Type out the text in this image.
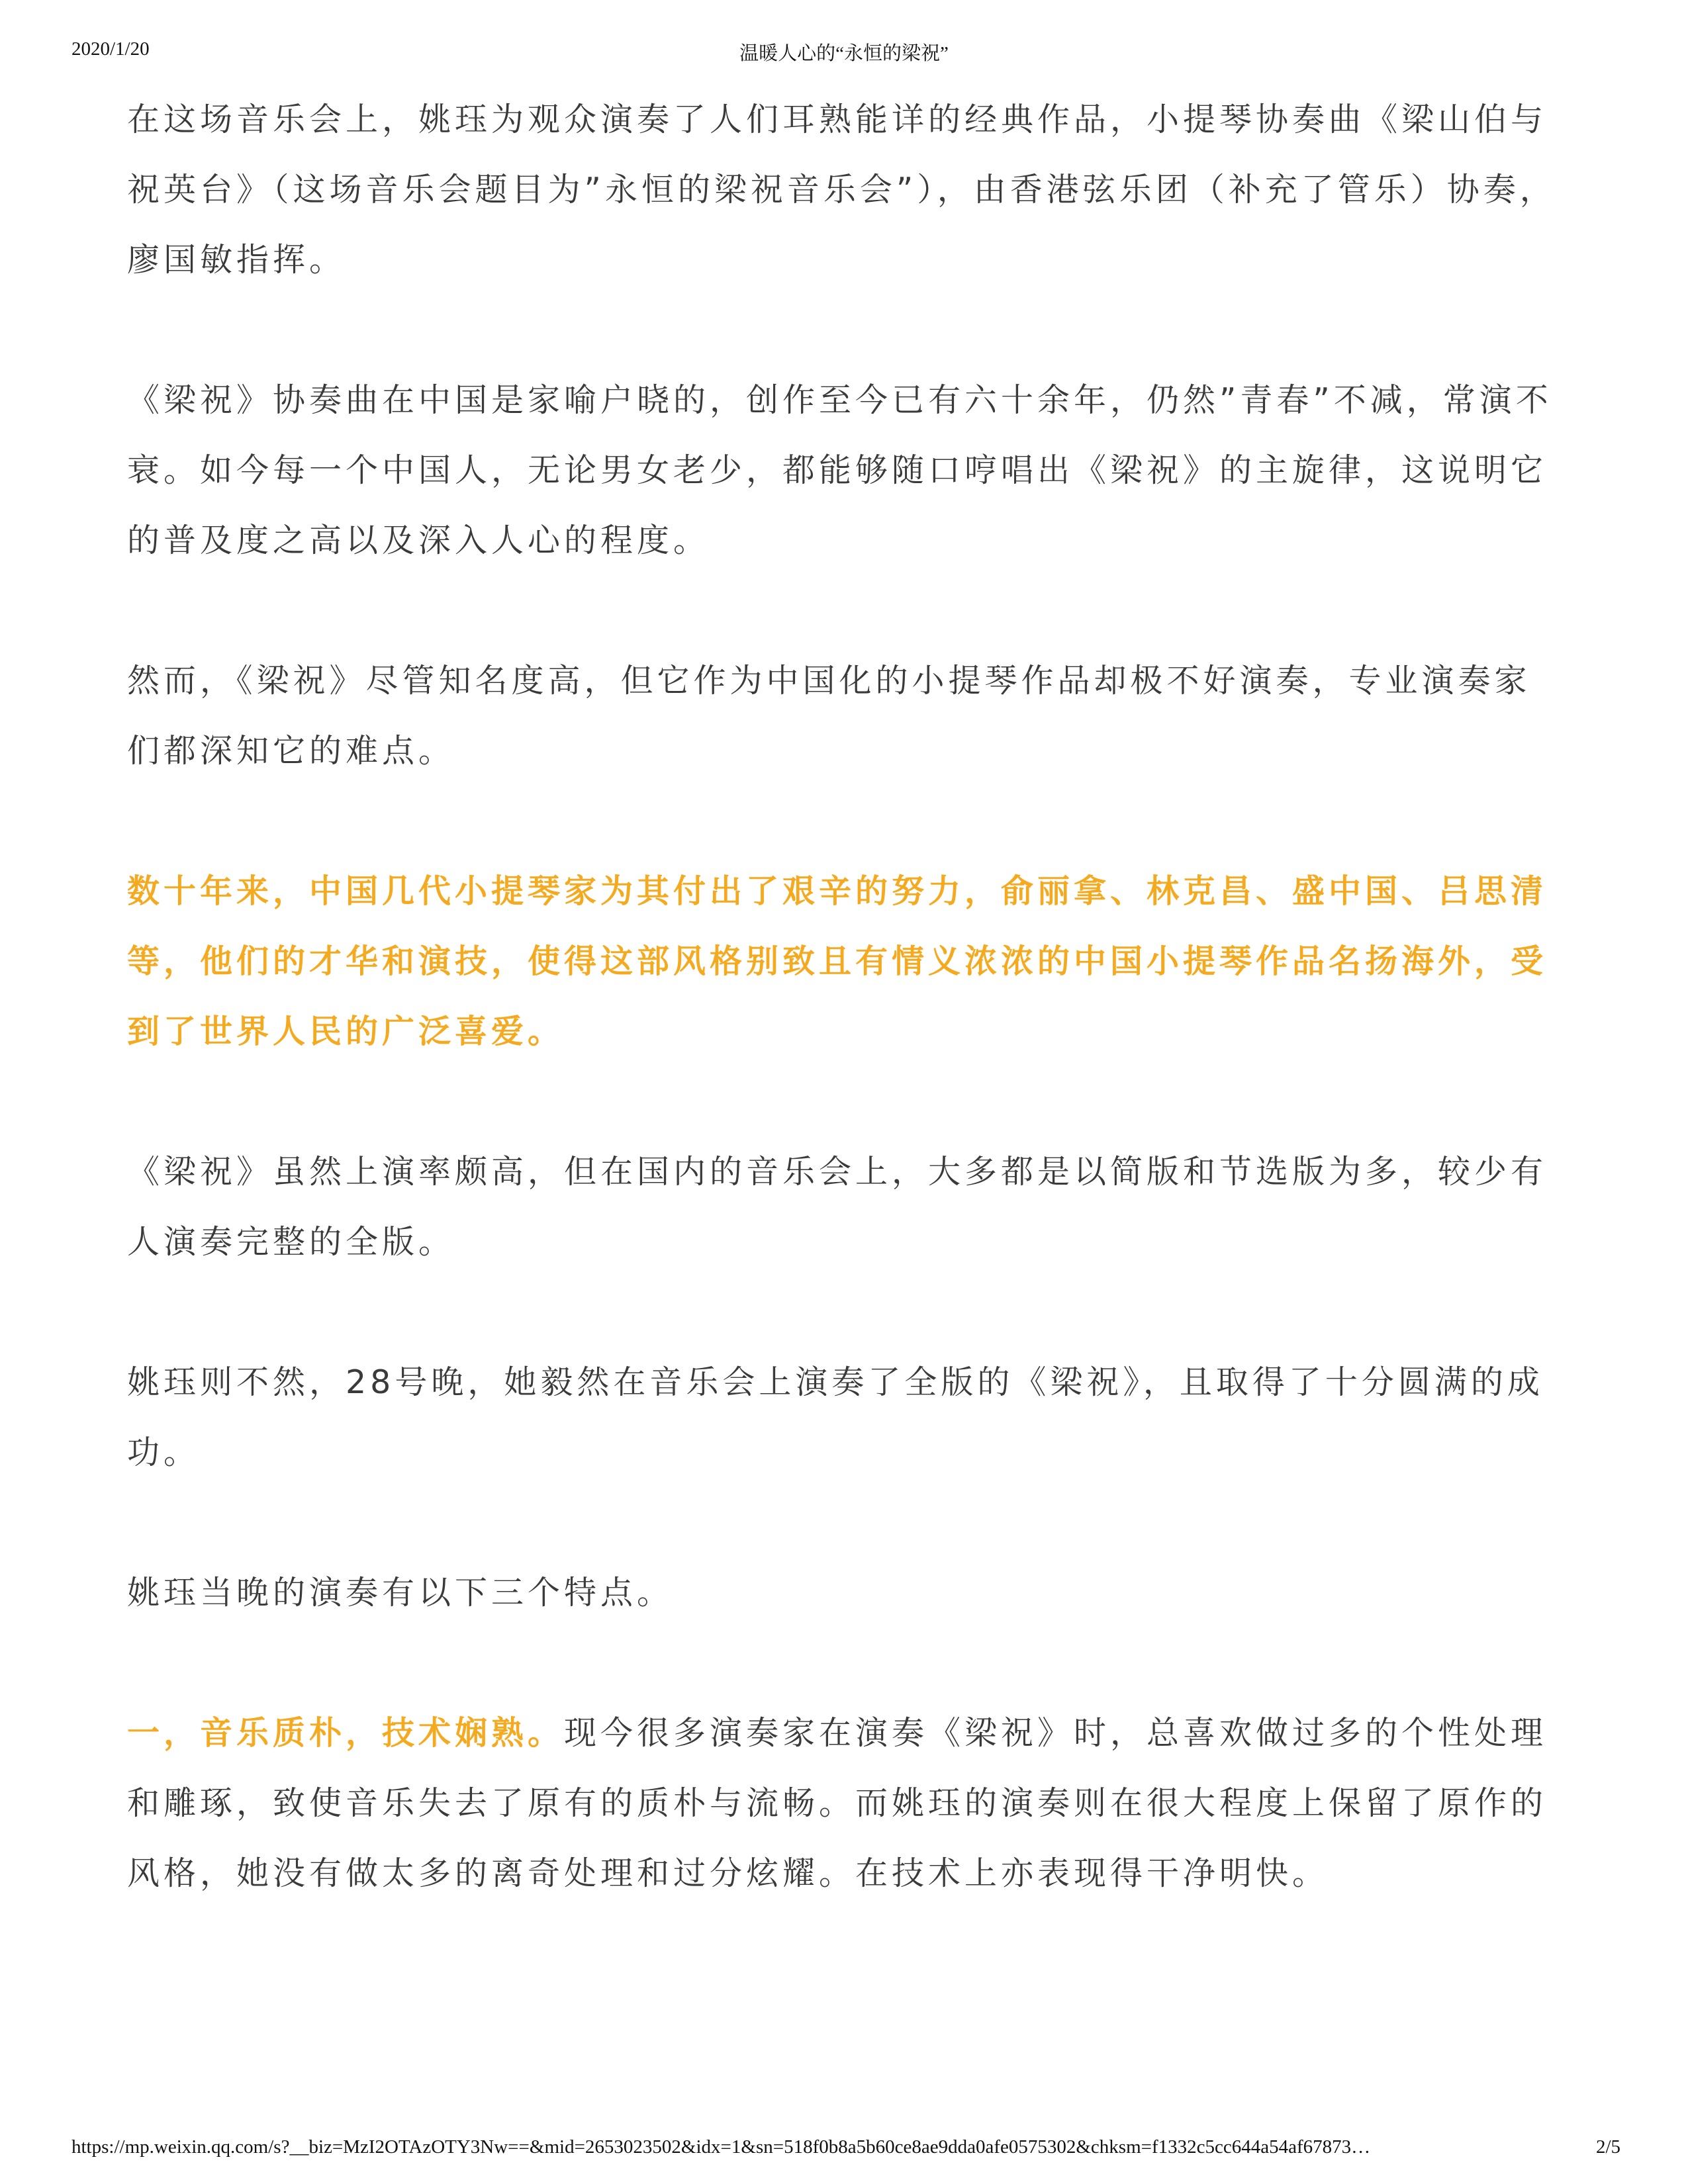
2020/1/20	温暖人心的“永恒的梁祝”

在这场音乐会上，姚珏为观众演奏了人们耳熟能详的经典作品，小提琴协奏曲《梁山伯与祝英台》（这场音乐会题目为”永恒的梁祝音乐会”），由香港弦乐团（补充了管乐）协奏，廖国敏指挥。

《梁祝》协奏曲在中国是家喻户晓的，创作至今已有六十余年，仍然”青春”不减，常演不衰。如今每一个中国人，无论男女老少，都能够随口哼唱出《梁祝》的主旋律，这说明它的普及度之高以及深入人心的程度。

然而，《梁祝》尽管知名度高，但它作为中国化的小提琴作品却极不好演奏，专业演奏家们都深知它的难点。

数十年来，中国几代小提琴家为其付出了艰辛的努力，俞丽拿、林克昌、盛中国、吕思清等，他们的才华和演技，使得这部风格别致且有情义浓浓的中国小提琴作品名扬海外，受到了世界人民的广泛喜爱。

《梁祝》虽然上演率颇高，但在国内的音乐会上，大多都是以简版和节选版为多，较少有人演奏完整的全版。

姚珏则不然，28号晚，她毅然在音乐会上演奏了全版的《梁祝》，且取得了十分圆满的成功。

姚珏当晚的演奏有以下三个特点。

一，音乐质朴，技术娴熟。现今很多演奏家在演奏《梁祝》时，总喜欢做过多的个性处理和雕琢，致使音乐失去了原有的质朴与流畅。而姚珏的演奏则在很大程度上保留了原作的风格，她没有做太多的离奇处理和过分炫耀。在技术上亦表现得干净明快。

https://mp.weixin.qq.com/s?__biz=MzI2OTAzOTY3Nw==&mid=2653023502&idx=1&sn=518f0b8a5b60ce8ae9dda0afe0575302&chksm=f1332c5cc644a54af67873…	2/5
